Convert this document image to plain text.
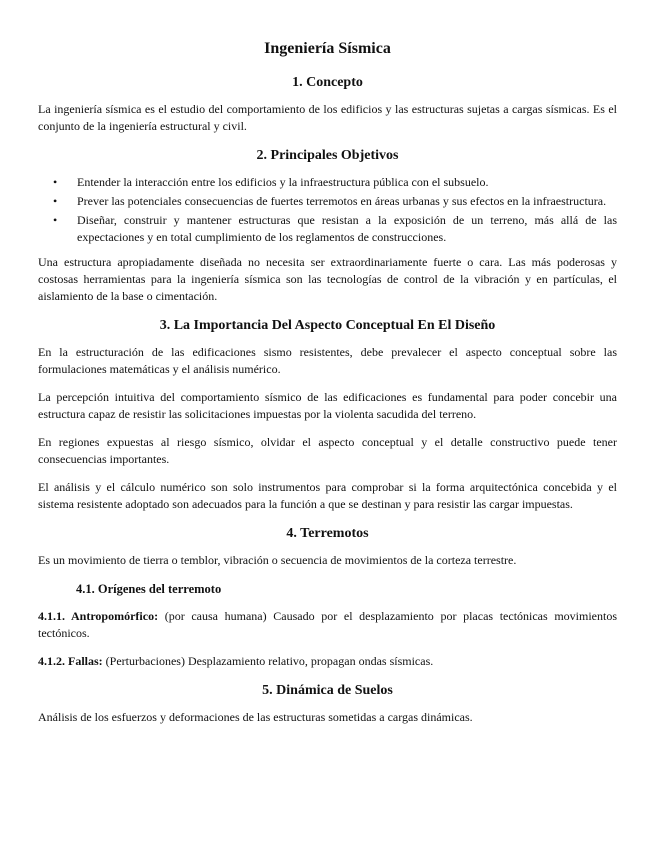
Ingeniería Sísmica
1. Concepto

La ingeniería sísmica es el estudio del comportamiento de los edificios y las estructuras sujetas a cargas sísmicas. Es el conjunto de la ingeniería estructural y civil.

2. Principales Objetivos
• Entender la interacción entre los edificios y la infraestructura pública con el subsuelo.
• Prever las potenciales consecuencias de fuertes terremotos en áreas urbanas y sus efectos en la infraestructura.
• Diseñar, construir y mantener estructuras que resistan a la exposición de un terreno, más allá de las expectaciones y en total cumplimiento de los reglamentos de construcciones.

Una estructura apropiadamente diseñada no necesita ser extraordinariamente fuerte o cara. Las más poderosas y costosas herramientas para la ingeniería sísmica son las tecnologías de control de la vibración y en partículas, el aislamiento de la base o cimentación.

3. La Importancia Del Aspecto Conceptual En El Diseño

En la estructuración de las edificaciones sismo resistentes, debe prevalecer el aspecto conceptual sobre las formulaciones matemáticas y el análisis numérico.

La percepción intuitiva del comportamiento sísmico de las edificaciones es fundamental para poder concebir una estructura capaz de resistir las solicitaciones impuestas por la violenta sacudida del terreno.

En regiones expuestas al riesgo sísmico, olvidar el aspecto conceptual y el detalle constructivo puede tener consecuencias importantes.

El análisis y el cálculo numérico son solo instrumentos para comprobar si la forma arquitectónica concebida y el sistema resistente adoptado son adecuados para la función a que se destinan y para resistir las cargar impuestas.

4. Terremotos

Es un movimiento de tierra o temblor, vibración o secuencia de movimientos de la corteza terrestre.

4.1. Orígenes del terremoto

4.1.1. Antropomórfico: (por causa humana) Causado por el desplazamiento por placas tectónicas movimientos tectónicos.

4.1.2. Fallas: (Perturbaciones) Desplazamiento relativo, propagan ondas sísmicas.

5. Dinámica de Suelos

Análisis de los esfuerzos y deformaciones de las estructuras sometidas a cargas dinámicas.
